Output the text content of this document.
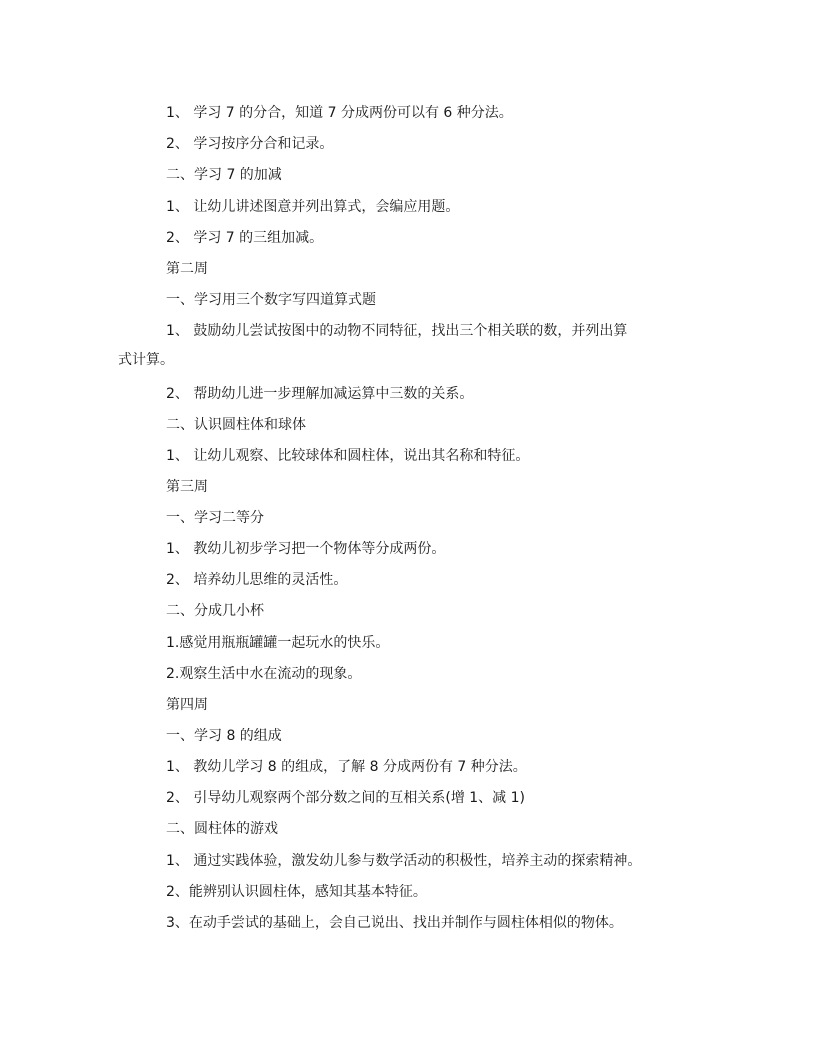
1、 学习 7 的分合，知道 7 分成两份可以有 6 种分法。
2、 学习按序分合和记录。
二、学习 7 的加减
1、 让幼儿讲述图意并列出算式，会编应用题。
2、 学习 7 的三组加减。
第二周
一、学习用三个数字写四道算式题
1、 鼓励幼儿尝试按图中的动物不同特征，找出三个相关联的数，并列出算
式计算。
2、 帮助幼儿进一步理解加减运算中三数的关系。
二、认识圆柱体和球体
1、 让幼儿观察、比较球体和圆柱体，说出其名称和特征。
第三周
一、学习二等分
1、 教幼儿初步学习把一个物体等分成两份。
2、 培养幼儿思维的灵活性。
二、分成几小杯
1.感觉用瓶瓶罐罐一起玩水的快乐。
2.观察生活中水在流动的现象。
第四周
一、学习 8 的组成
1、 教幼儿学习 8 的组成，了解 8 分成两份有 7 种分法。
2、 引导幼儿观察两个部分数之间的互相关系(增 1、减 1)
二、圆柱体的游戏
1、 通过实践体验，激发幼儿参与数学活动的积极性，培养主动的探索精神。
2、能辨别认识圆柱体，感知其基本特征。
3、在动手尝试的基础上，会自己说出、找出并制作与圆柱体相似的物体。
